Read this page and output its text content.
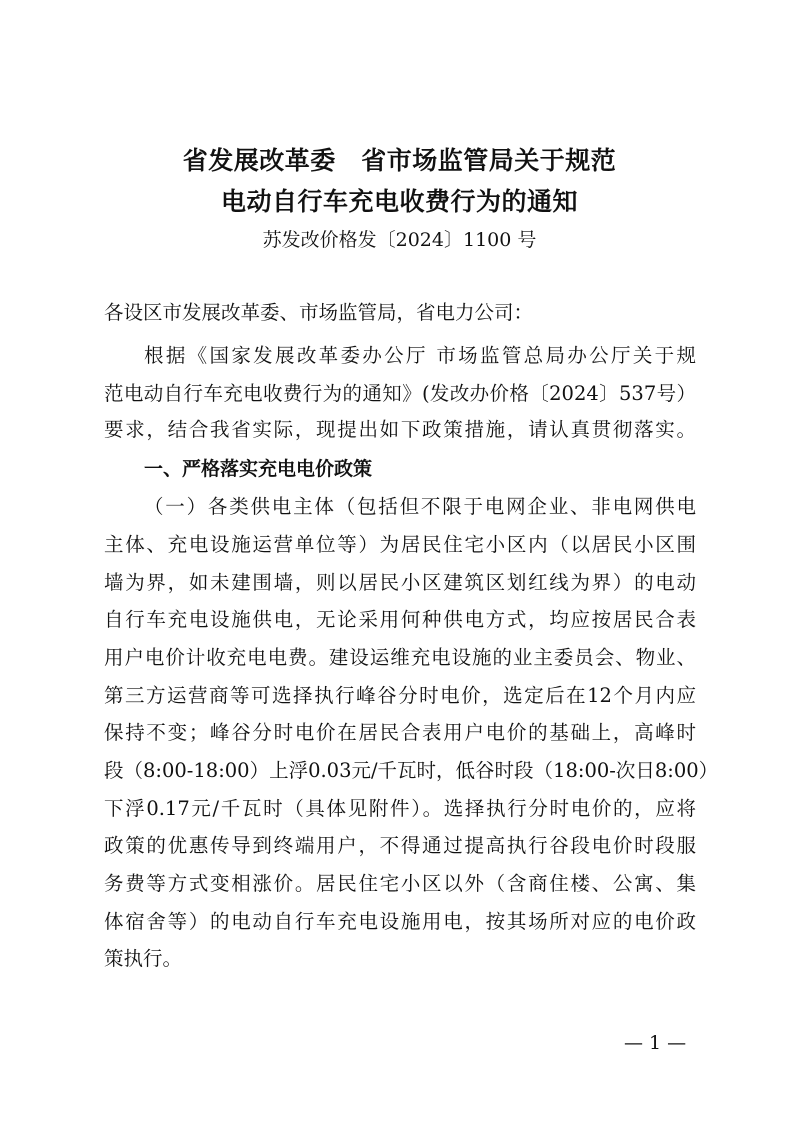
省发展改革委　省市场监管局关于规范
电动自行车充电收费行为的通知
苏发改价格发〔2024〕1100 号
各设区市发展改革委、市场监管局，省电力公司：
根据《国家发展改革委办公厅 市场监管总局办公厅关于规
范电动自行车充电收费行为的通知》(发改办价格〔2024〕537号）
要求，结合我省实际，现提出如下政策措施，请认真贯彻落实。
一、严格落实充电电价政策
（一）各类供电主体（包括但不限于电网企业、非电网供电
主体、充电设施运营单位等）为居民住宅小区内（以居民小区围
墙为界，如未建围墙，则以居民小区建筑区划红线为界）的电动
自行车充电设施供电，无论采用何种供电方式，均应按居民合表
用户电价计收充电电费。建设运维充电设施的业主委员会、物业、
第三方运营商等可选择执行峰谷分时电价，选定后在12个月内应
保持不变；峰谷分时电价在居民合表用户电价的基础上，高峰时
段（8:00-18:00）上浮0.03元/千瓦时，低谷时段（18:00-次日8:00）
下浮0.17元/千瓦时（具体见附件）。选择执行分时电价的，应将
政策的优惠传导到终端用户，不得通过提高执行谷段电价时段服
务费等方式变相涨价。居民住宅小区以外（含商住楼、公寓、集
体宿舍等）的电动自行车充电设施用电，按其场所对应的电价政
策执行。
— 1 —
